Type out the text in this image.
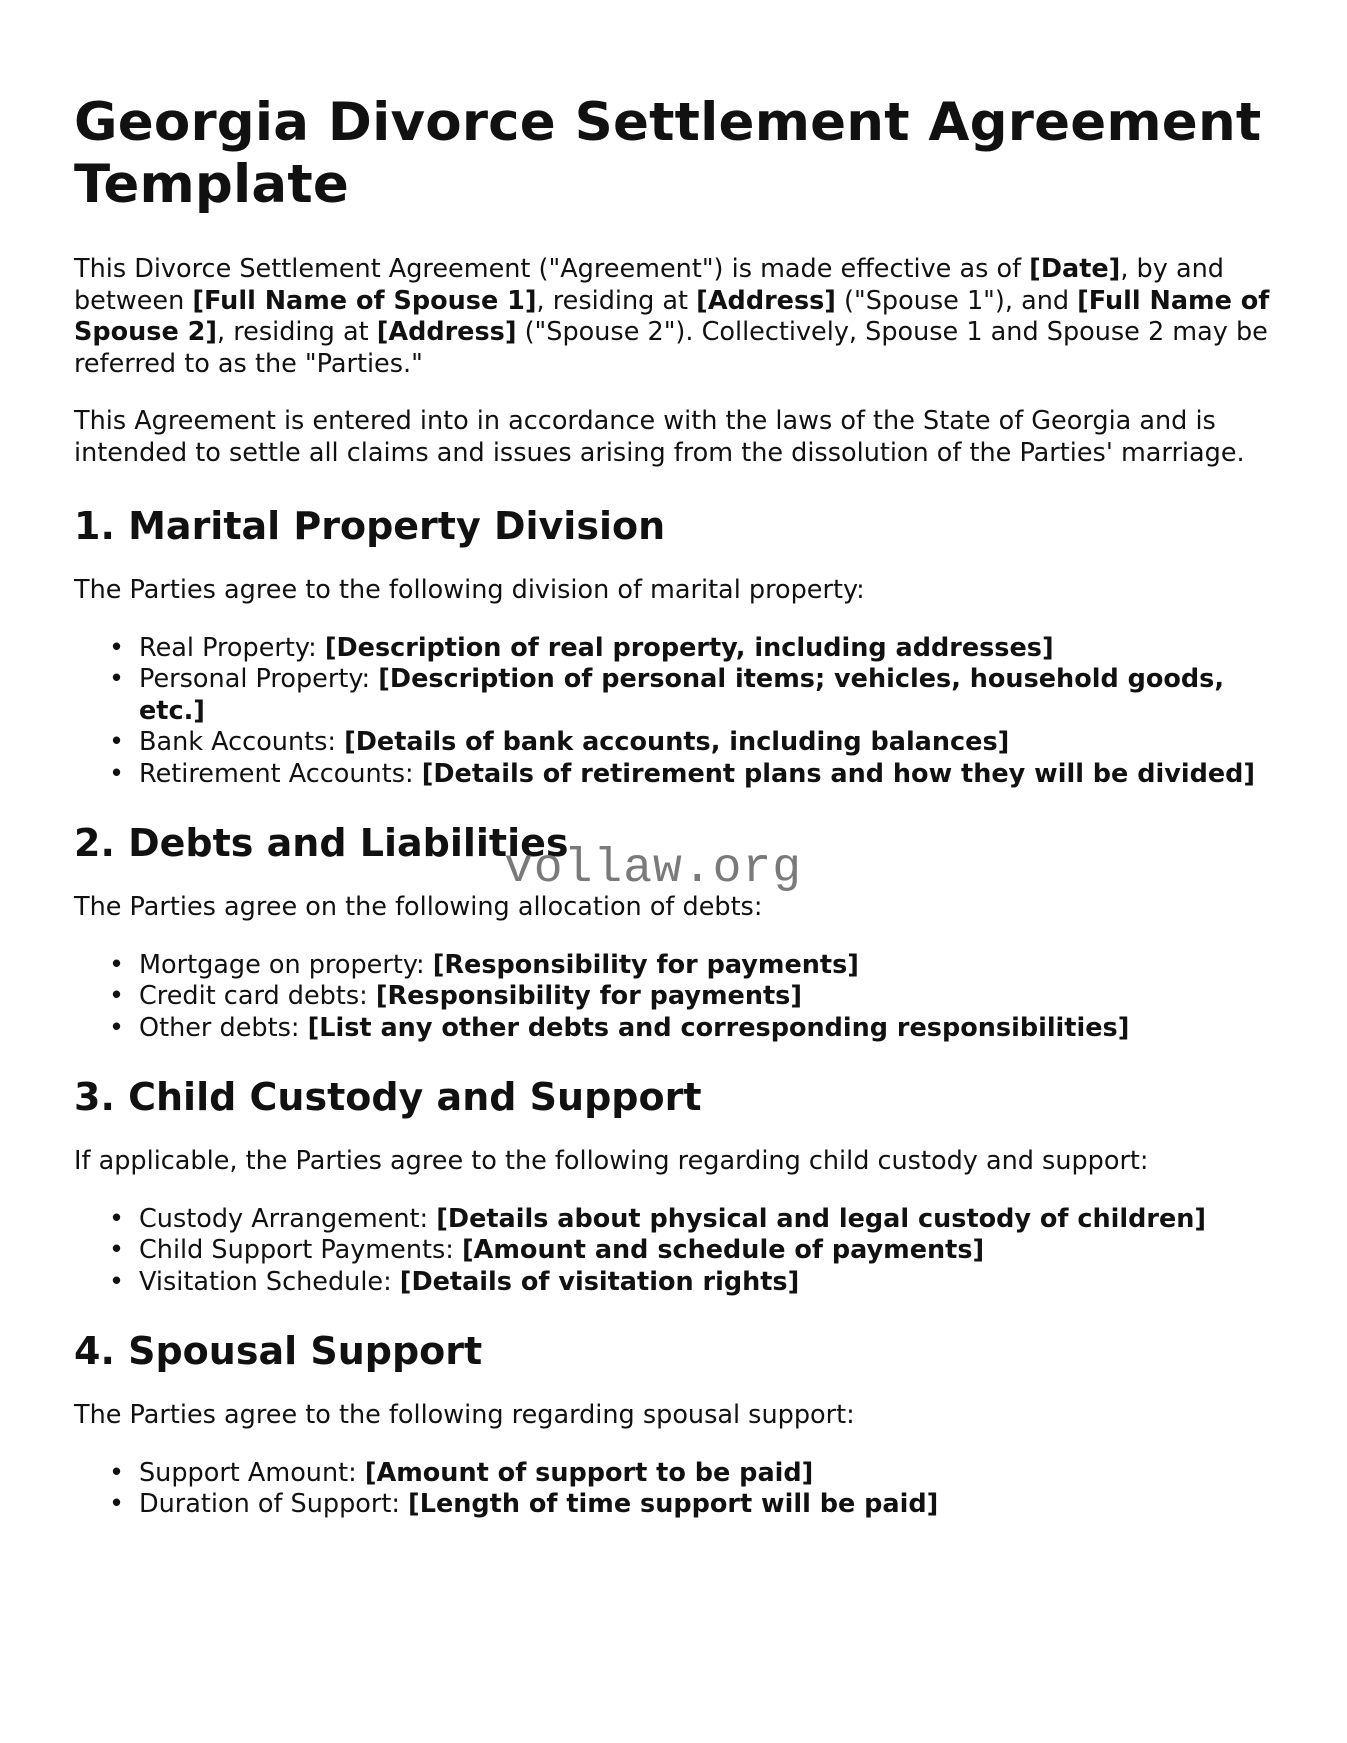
Georgia Divorce Settlement Agreement Template

This Divorce Settlement Agreement ("Agreement") is made effective as of [Date], by and between [Full Name of Spouse 1], residing at [Address] ("Spouse 1"), and [Full Name of Spouse 2], residing at [Address] ("Spouse 2"). Collectively, Spouse 1 and Spouse 2 may be referred to as the "Parties."

This Agreement is entered into in accordance with the laws of the State of Georgia and is intended to settle all claims and issues arising from the dissolution of the Parties' marriage.

1. Marital Property Division

The Parties agree to the following division of marital property:

• Real Property: [Description of real property, including addresses]
• Personal Property: [Description of personal items; vehicles, household goods, etc.]
• Bank Accounts: [Details of bank accounts, including balances]
• Retirement Accounts: [Details of retirement plans and how they will be divided]
2. Debts and Liabilities

The Parties agree on the following allocation of debts:

• Mortgage on property: [Responsibility for payments]
• Credit card debts: [Responsibility for payments]
• Other debts: [List any other debts and corresponding responsibilities]
3. Child Custody and Support

If applicable, the Parties agree to the following regarding child custody and support:

• Custody Arrangement: [Details about physical and legal custody of children]
• Child Support Payments: [Amount and schedule of payments]
• Visitation Schedule: [Details of visitation rights]
4. Spousal Support

The Parties agree to the following regarding spousal support:

• Support Amount: [Amount of support to be paid]
• Duration of Support: [Length of time support will be paid]
vollaw.org
